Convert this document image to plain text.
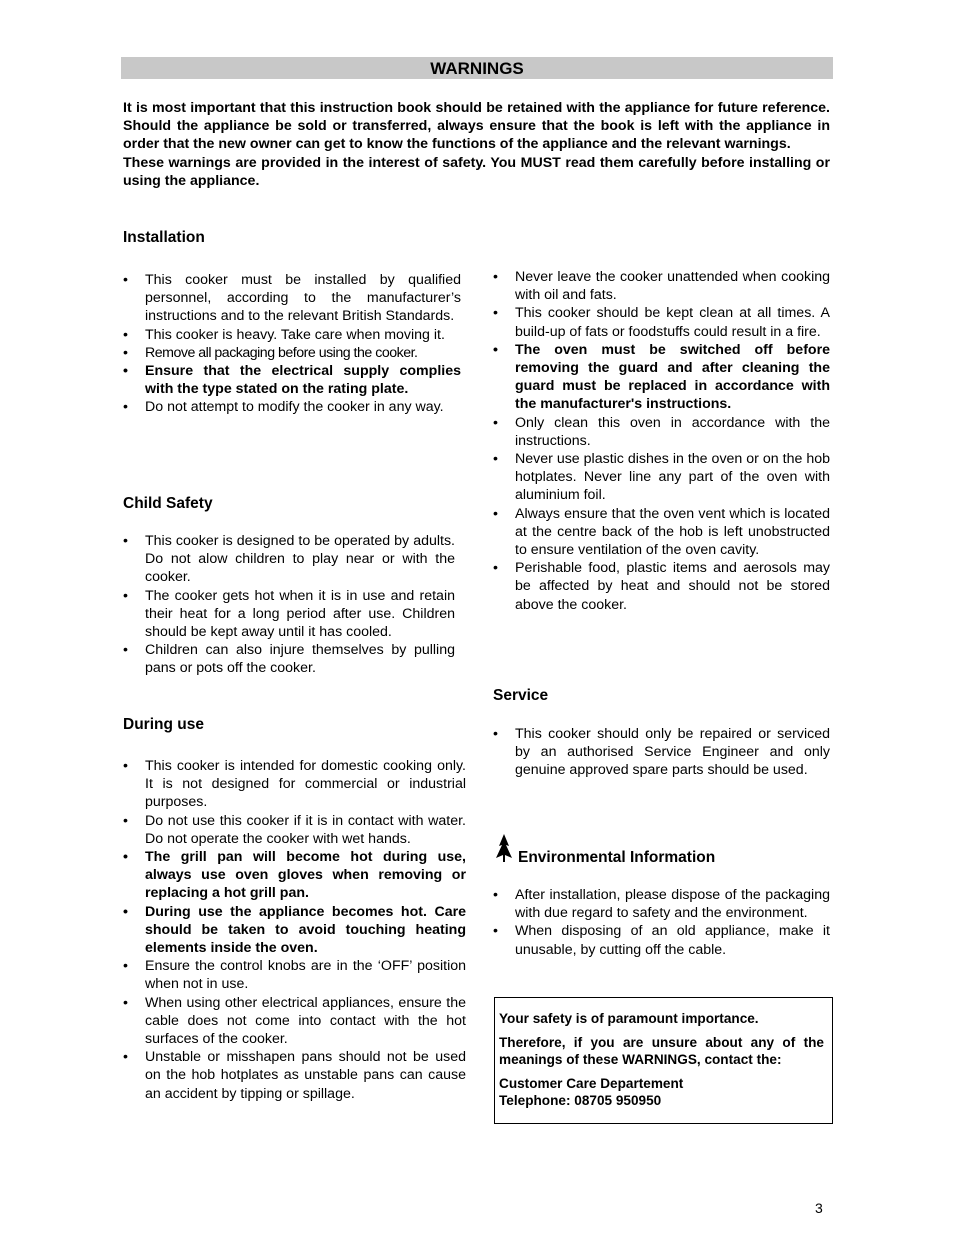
WARNINGS

It is most important that this instruction book should be retained with the appliance for future reference. Should the appliance be sold or transferred, always ensure that the book is left with the appliance in order that the new owner can get to know the functions of the appliance and the relevant warnings.

These warnings are provided in the interest of safety. You MUST read them carefully before installing or using the appliance.

Installation
• This cooker must be installed by qualified personnel, according to the manufacturer’s instructions and to the relevant British Standards.
• This cooker is heavy. Take care when moving it.
• Remove all packaging before using the cooker.
• Ensure that the electrical supply complies with the type stated on the rating plate.
• Do not attempt to modify the cooker in any way.
Child Safety
• This cooker is designed to be operated by adults. Do not alow children to play near or with the cooker.
• The cooker gets hot when it is in use and retain their heat for a long period after use. Children should be kept away until it has cooled.
• Children can also injure themselves by pulling pans or pots off the cooker.
During use
• This cooker is intended for domestic cooking only. It is not designed for commercial or industrial purposes.
• Do not use this cooker if it is in contact with water. Do not operate the cooker with wet hands.
• The grill pan will become hot during use, always use oven gloves when removing or replacing a hot grill pan.
• During use the appliance becomes hot. Care should be taken to avoid touching heating elements inside the oven.
• Ensure the control knobs are in the ‘OFF’ position when not in use.
• When using other electrical appliances, ensure the cable does not come into contact with the hot surfaces of the cooker.
• Unstable or misshapen pans should not be used on the hob hotplates as unstable pans can cause an accident by tipping or spillage.
• Never leave the cooker unattended when cooking with oil and fats.
• This cooker should be kept clean at all times. A build-up of fats or foodstuffs could result in a fire.
• The oven must be switched off before removing the guard and after cleaning the guard must be replaced in accordance with the manufacturer's instructions.
• Only clean this oven in accordance with the instructions.
• Never use plastic dishes in the oven or on the hob hotplates. Never line any part of the oven with aluminium foil.
• Always ensure that the oven vent which is located at the centre back of the hob is left unobstructed to ensure ventilation of the oven cavity.
• Perishable food, plastic items and aerosols may be affected by heat and should not be stored above the cooker.
Service
• This cooker should only be repaired or serviced by an authorised Service Engineer and only genuine approved spare parts should be used.
Environmental Information
• After installation, please dispose of the packaging with due regard to safety and the environment.
• When disposing of an old appliance, make it unusable, by cutting off the cable.

Your safety is of paramount importance.

Therefore, if you are unsure about any of the meanings of these WARNINGS, contact the:

Customer Care Departement
Telephone: 08705 950950
3
